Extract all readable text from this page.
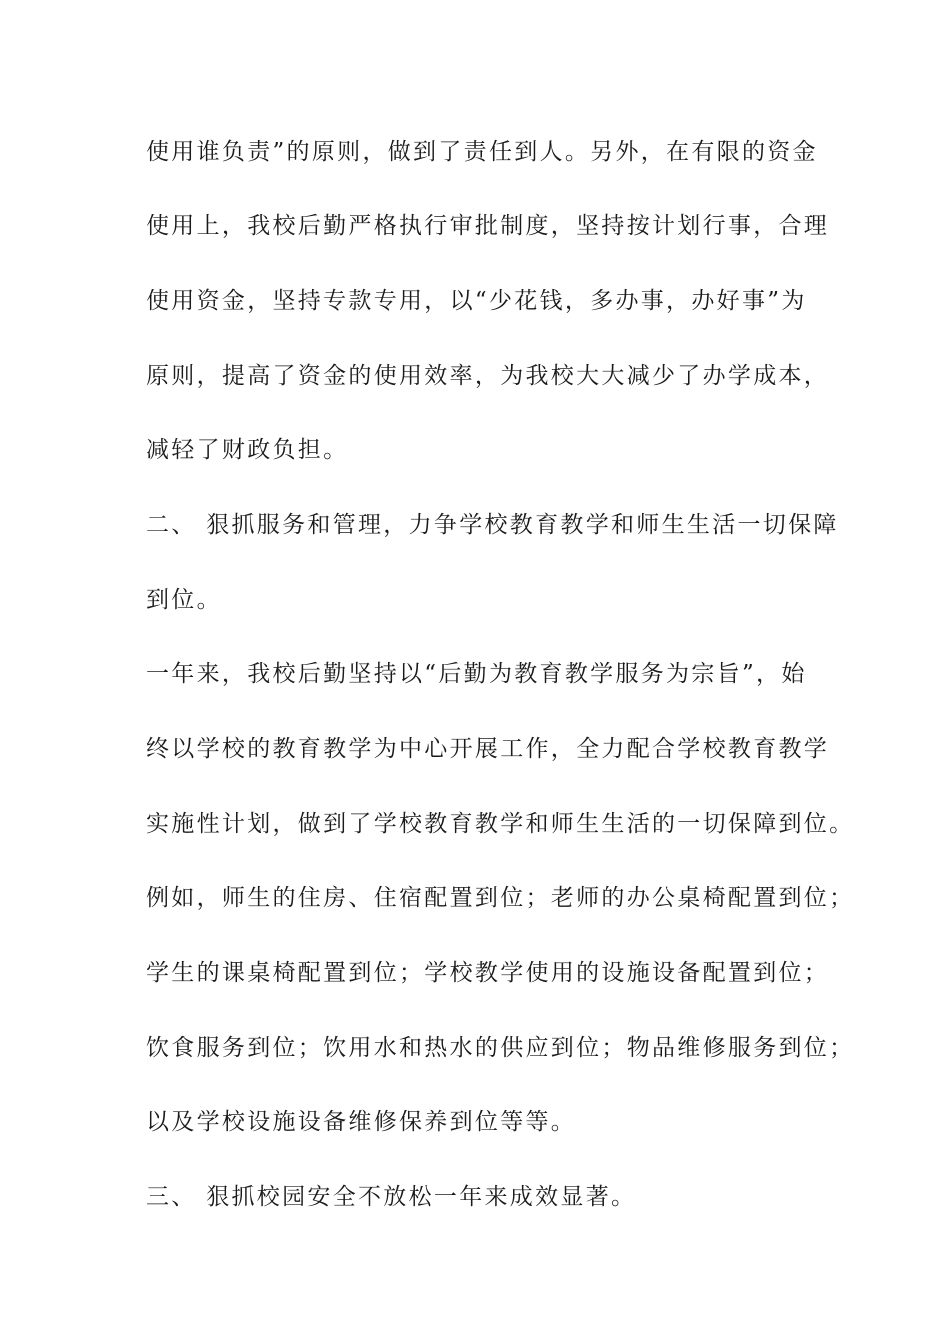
使用谁负责”的原则，做到了责任到人。另外，在有限的资金
使用上，我校后勤严格执行审批制度，坚持按计划行事，合理
使用资金，坚持专款专用，以“少花钱，多办事，办好事”为
原则，提高了资金的使用效率，为我校大大减少了办学成本，
减轻了财政负担。
二、 狠抓服务和管理，力争学校教育教学和师生生活一切保障
到位。
一年来，我校后勤坚持以“后勤为教育教学服务为宗旨”，始
终以学校的教育教学为中心开展工作，全力配合学校教育教学
实施性计划，做到了学校教育教学和师生生活的一切保障到位。
例如，师生的住房、住宿配置到位；老师的办公桌椅配置到位；
学生的课桌椅配置到位；学校教学使用的设施设备配置到位；
饮食服务到位；饮用水和热水的供应到位；物品维修服务到位；
以及学校设施设备维修保养到位等等。
三、 狠抓校园安全不放松一年来成效显著。
